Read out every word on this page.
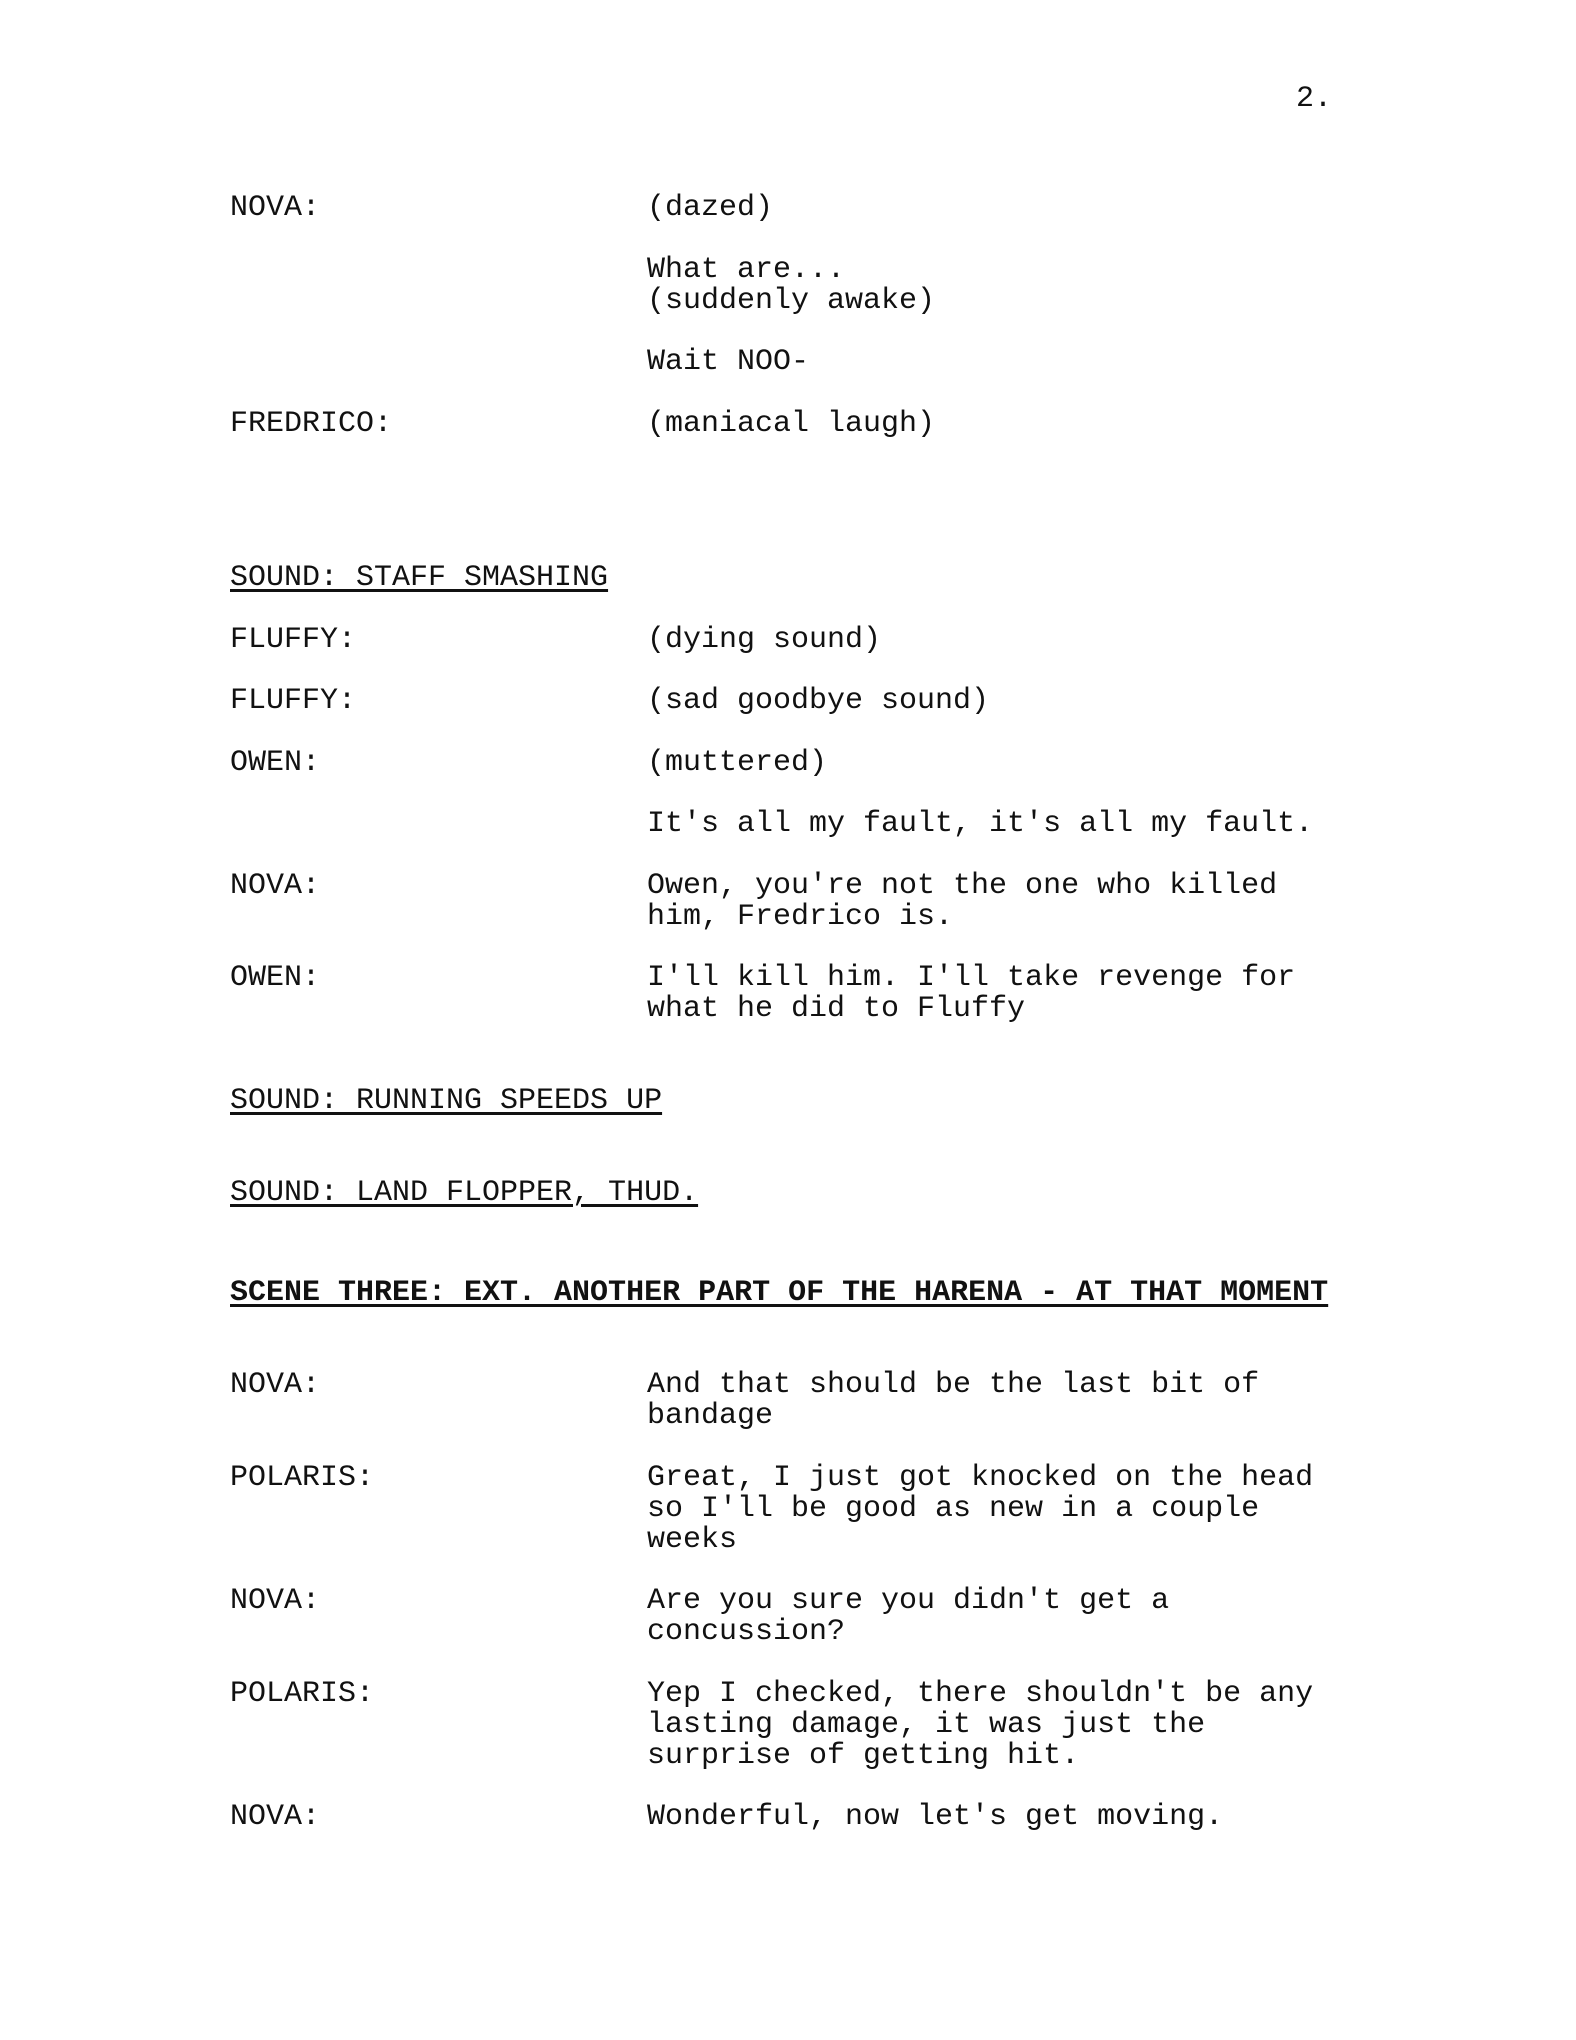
2.
NOVA:	(dazed)
What are...
(suddenly awake)
Wait NOO-
FREDRICO:	(maniacal laugh)
SOUND: STAFF SMASHING
FLUFFY:	(dying sound)
FLUFFY:	(sad goodbye sound)
OWEN:	(muttered)
It's all my fault, it's all my fault.
NOVA:	Owen, you're not the one who killed
him, Fredrico is.
OWEN:	I'll kill him. I'll take revenge for
what he did to Fluffy
SOUND: RUNNING SPEEDS UP
SOUND: LAND FLOPPER, THUD.
SCENE THREE: EXT. ANOTHER PART OF THE HARENA - AT THAT MOMENT
NOVA:	And that should be the last bit of
bandage
POLARIS:	Great, I just got knocked on the head
so I'll be good as new in a couple
weeks
NOVA:	Are you sure you didn't get a
concussion?
POLARIS:	Yep I checked, there shouldn't be any
lasting damage, it was just the
surprise of getting hit.
NOVA:	Wonderful, now let's get moving.
